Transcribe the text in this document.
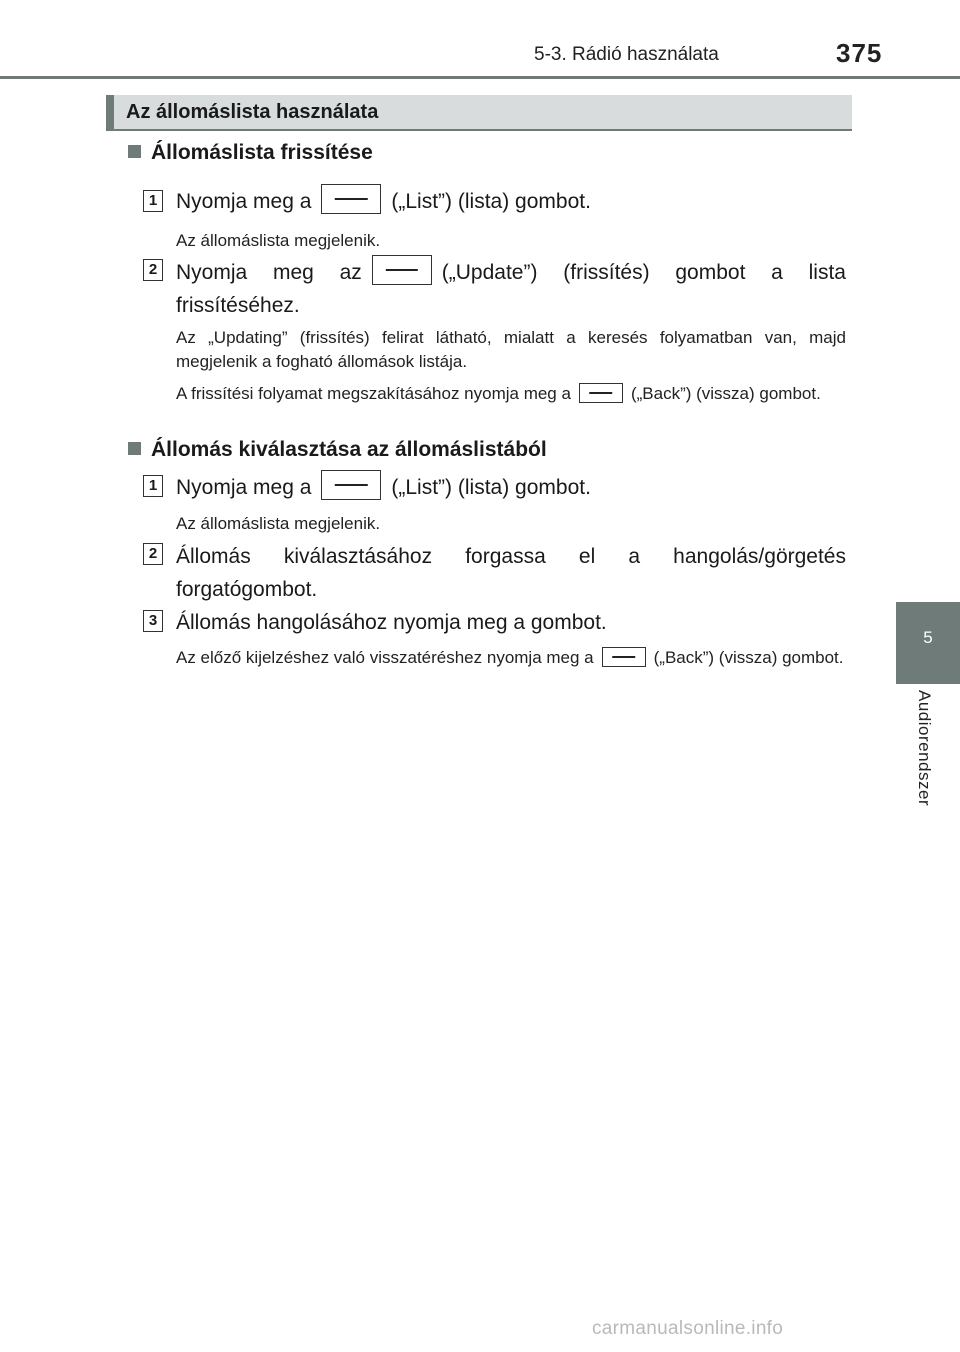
5-3. Rádió használata	375
5
Audiorendszer
Az állomáslista használata
Állomáslista frissítése
1 Nyomja meg a	(„List”) (lista) gombot.
Az állomáslista megjelenik.
2 Nyomja meg az	(„Update”) (frissítés) gombot a lista frissítéséhez.
Az „Updating” (frissítés) felirat látható, mialatt a keresés folyamatban van, majd megjelenik a fogható állomások listája.
A frissítési folyamat megszakításához nyomja meg a	(„Back”) (vissza) gombot.
Állomás kiválasztása az állomáslistából
1 Nyomja meg a	(„List”) (lista) gombot.
Az állomáslista megjelenik.
2 Állomás kiválasztásához forgassa el a hangolás/görgetés forgatógombot.
3 Állomás hangolásához nyomja meg a gombot.
Az előző kijelzéshez való visszatéréshez nyomja meg a	(„Back”) (vissza) gombot.
carmanualsonline.info
